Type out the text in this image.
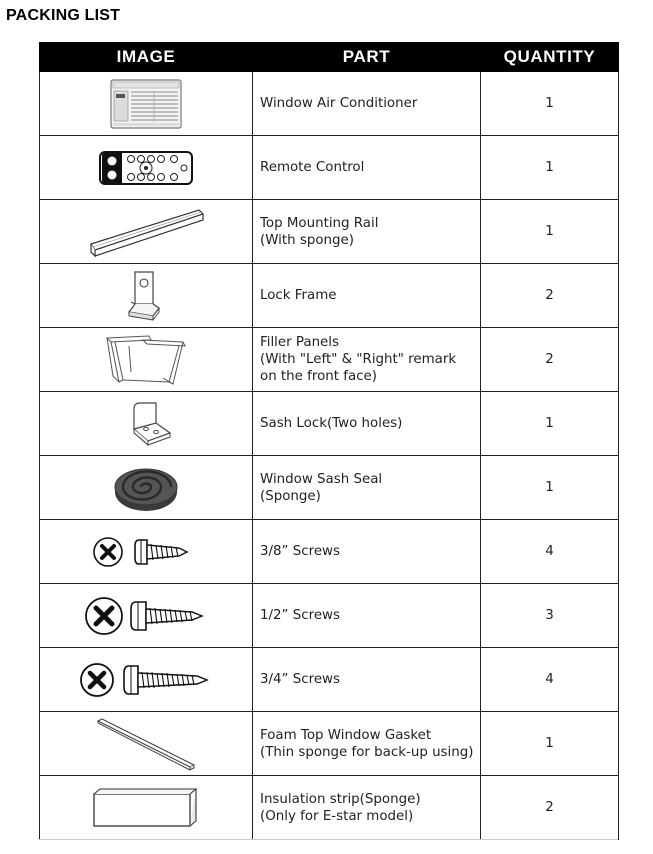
PACKING LIST
IMAGE	PART	QUANTITY

	Window Air Conditioner	1

	Remote Control	1

	Top Mounting Rail
(With sponge)	1

	Lock Frame	2

	Filler Panels
(With "Left" & "Right" remark
on the front face)	2

	Sash Lock(Two holes)	1

	Window Sash Seal
(Sponge)	1

	3/8” Screws	4

	1/2” Screws	3

	3/4” Screws	4

	Foam Top Window Gasket
(Thin sponge for back-up using)	1

	Insulation strip(Sponge)
(Only for E-star model)	2
